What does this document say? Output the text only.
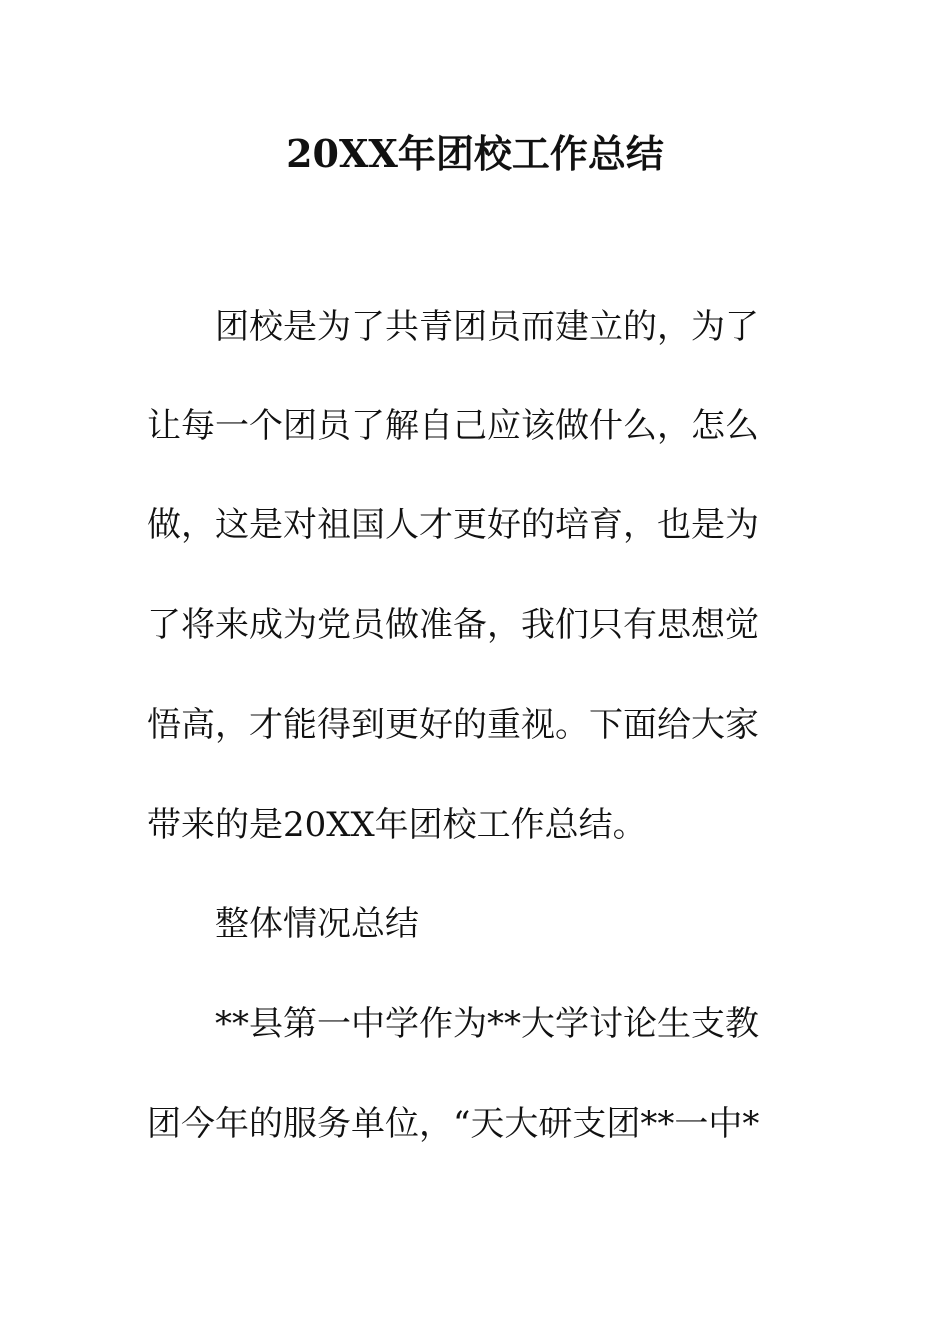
20XX年团校工作总结
团校是为了共青团员而建立的，为了
让每一个团员了解自己应该做什么，怎么
做，这是对祖国人才更好的培育，也是为
了将来成为党员做准备，我们只有思想觉
悟高，才能得到更好的重视。下面给大家
带来的是20XX年团校工作总结。
整体情况总结
**县第一中学作为**大学讨论生支教
团今年的服务单位，“天大研支团**一中*
